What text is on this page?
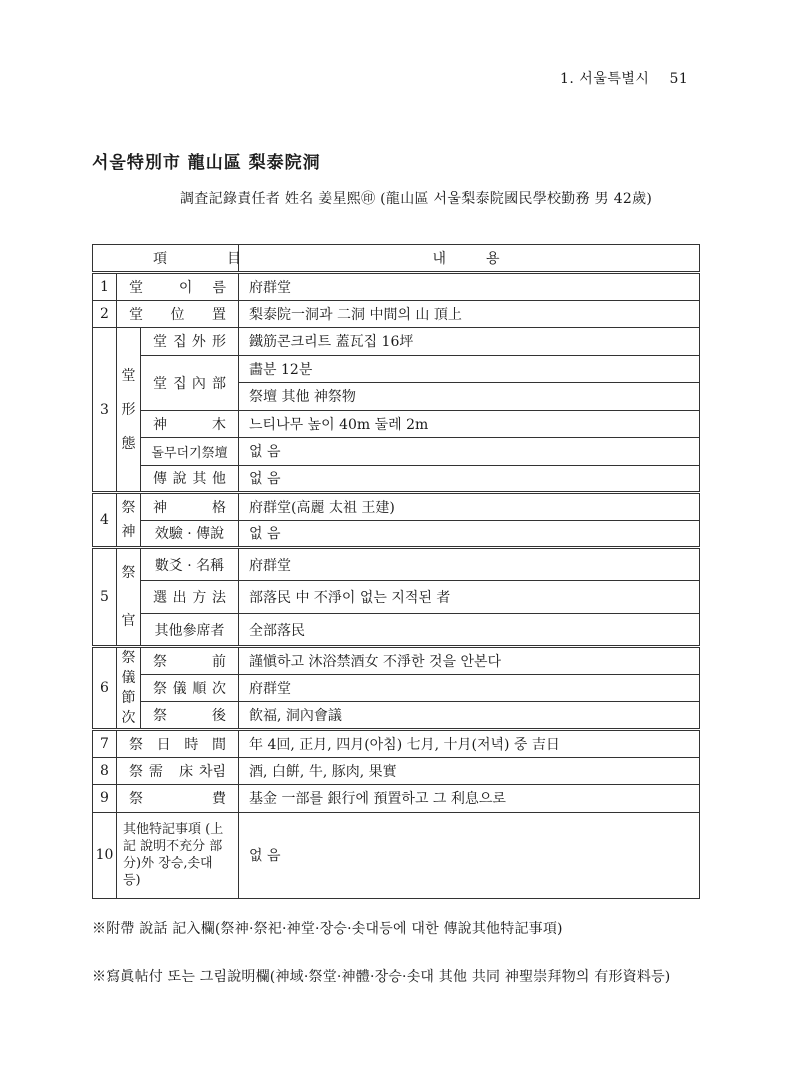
1. 서울특별시 51
서울特別市 龍山區 梨泰院洞
調査記錄責任者 姓名 姜星熙㊞ (龍山區 서울梨泰院國民學校勤務 男 42歲)
項目			내용
1	堂 이 름		府群堂
2	堂 位 置		梨泰院一洞과 二洞 中間의 山 頂上
3	堂形態	堂 집 外 形	鐵筋콘크리트 蓋瓦집 16坪
		堂 집 內 部	畵분 12분
			祭壇 其他 神祭物
		神 木	느티나무 높이 40m 둘레 2m
		돌무더기祭壇	없 음
		傳 說 其 他	없 음
4	祭神	神 格	府群堂(高麗 太祖 王建)
		效驗 · 傳說	없 음
5	祭官	數爻 · 名稱	府群堂
		選 出 方 法	部落民 中 不淨이 없는 지적된 者
		其他參席者	全部落民
6	祭儀節次	祭 前	謹愼하고 沐浴禁酒女 不淨한 것을 안본다
		祭 儀 順 次	府群堂
		祭 後	飮福, 洞內會議
7	祭 日 時 間		年 4回, 正月, 四月(아침) 七月, 十月(저녁) 중 吉日
8	祭需 床차림		酒, 白餠, 牛, 豚肉, 果實
9	祭 費		基金 一部를 銀行에 預置하고 그 利息으로
10	其他特記事項 (上記 說明不充分 部分)外 장승,솟대 등)		없 음
※附帶 說話 記入欄(祭神·祭祀·神堂·장승·솟대등에 대한 傳說其他特記事項)
※寫眞帖付 또는 그림說明欄(神域·祭堂·神體·장승·솟대 其他 共同 神聖崇拜物의 有形資料등)
